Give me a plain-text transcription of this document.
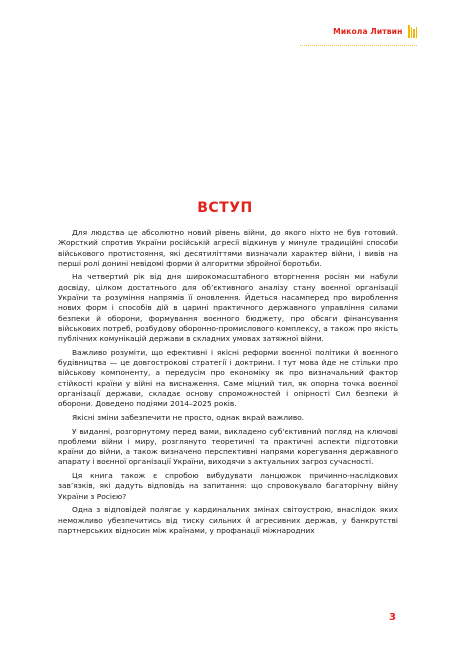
Микола Литвин
ВСТУП

Для людства це абсолютно новий рівень війни, до якого ніхто не був готовий. Жорсткий спротив України російській агресії відкинув у минуле традиційні способи військового протистояння, які десятиліттями визначали характер війни, і вивів на перші ролі донині невідомі форми й алгоритми збройної боротьби.

На четвертий рік від дня широкомасштабного вторгнення росіян ми набули досвіду, цілком достатнього для об’єктивного аналізу стану воєнної організації України та розуміння напрямів її оновлення. Йдеться насамперед про вироблення нових форм і способів дій в царині практичного державного управління силами безпеки й оборони, формування воєнного бюджету, про обсяги фінансування військових потреб, розбудову оборонно-промислового комплексу, а також про якість публічних комунікацій держави в складних умовах затяжної війни.

Важливо розуміти, що ефективні і якісні реформи воєнної політики й воєнного будівництва — це довгострокові стратегії і доктрини. І тут мова йде не стільки про військову компоненту, а передусім про економіку як про визначальний фактор стійкості країни у війні на виснаження. Саме міцний тил, як опорна точка воєнної організації держави, складає основу спроможностей і опірності Сил безпеки й оборони. Доведено подіями 2014–2025 років.

Якісні зміни забезпечити не просто, однак вкрай важливо.

У виданні, розгорнутому перед вами, викладено суб’єктивний погляд на ключові проблеми війни і миру, розглянуто теоретичні та практичні аспекти підготовки країни до війни, а також визначено перспективні напрями корегування державного апарату і воєнної організації України, виходячи з актуальних загроз сучасності.

Ця книга також є спробою вибудувати ланцюжок причинно-наслідкових зав’язків, які дадуть відповідь на запитання: що спровокувало багаторічну війну України з Росією?

Одна з відповідей полягає у кардинальних змінах світоустрою, внаслідок яких неможливо убезпечитись від тиску сильних й агресивних держав, у банкрутстві партнерських відносин між країнами, у профанації міжнародних

3
